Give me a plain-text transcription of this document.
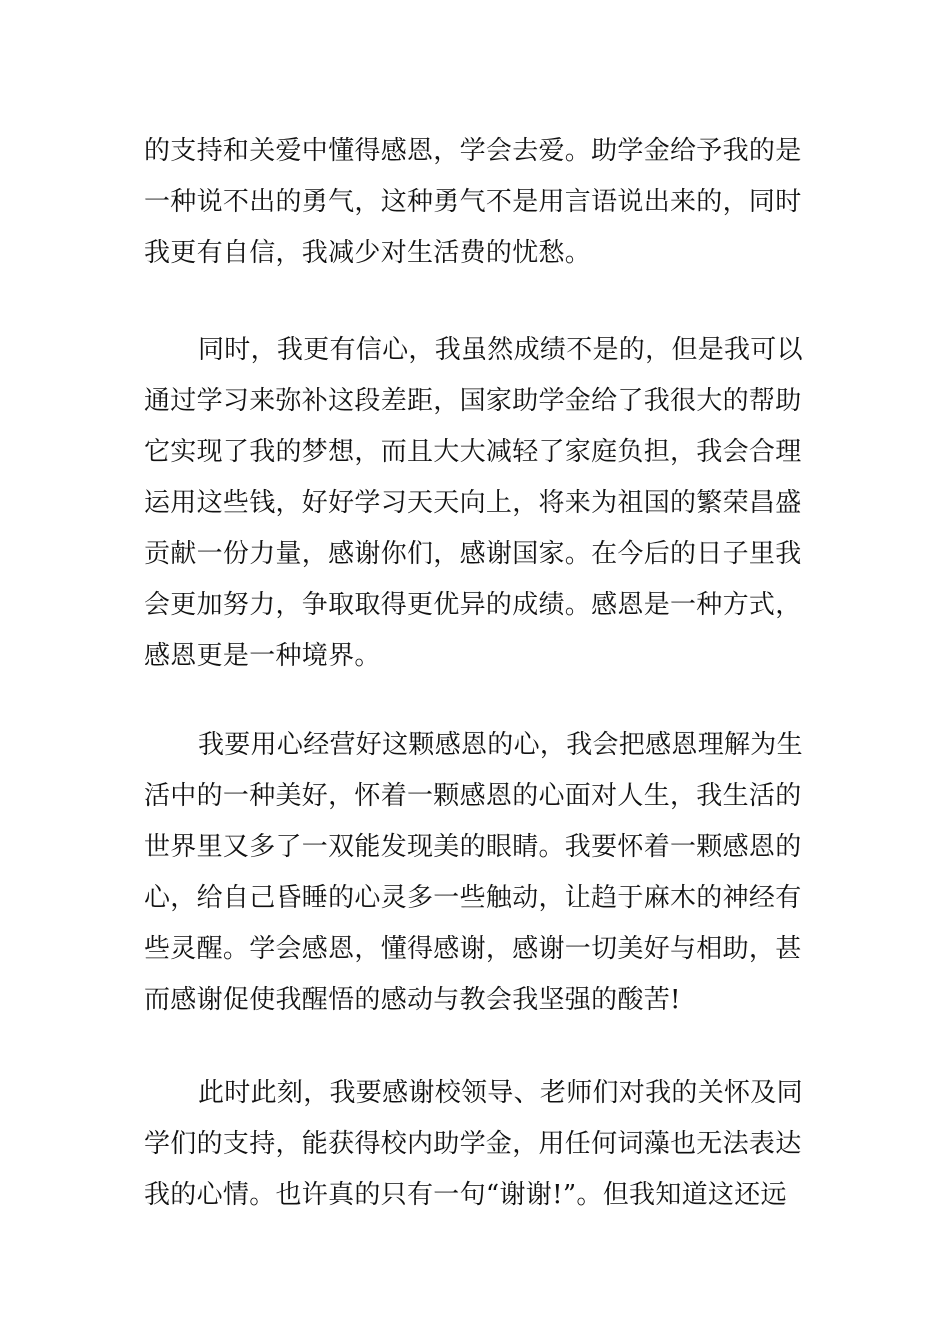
的支持和关爱中懂得感恩，学会去爱。助学金给予我的是
一种说不出的勇气，这种勇气不是用言语说出来的，同时
我更有自信，我减少对生活费的忧愁。
同时，我更有信心，我虽然成绩不是的，但是我可以
通过学习来弥补这段差距，国家助学金给了我很大的帮助
它实现了我的梦想，而且大大减轻了家庭负担，我会合理
运用这些钱，好好学习天天向上，将来为祖国的繁荣昌盛
贡献一份力量，感谢你们，感谢国家。在今后的日子里我
会更加努力，争取取得更优异的成绩。感恩是一种方式，
感恩更是一种境界。
我要用心经营好这颗感恩的心，我会把感恩理解为生
活中的一种美好，怀着一颗感恩的心面对人生，我生活的
世界里又多了一双能发现美的眼睛。我要怀着一颗感恩的
心，给自己昏睡的心灵多一些触动，让趋于麻木的神经有
些灵醒。学会感恩，懂得感谢，感谢一切美好与相助，甚
而感谢促使我醒悟的感动与教会我坚强的酸苦!
此时此刻，我要感谢校领导、老师们对我的关怀及同
学们的支持，能获得校内助学金，用任何词藻也无法表达
我的心情。也许真的只有一句“谢谢!”。但我知道这还远
